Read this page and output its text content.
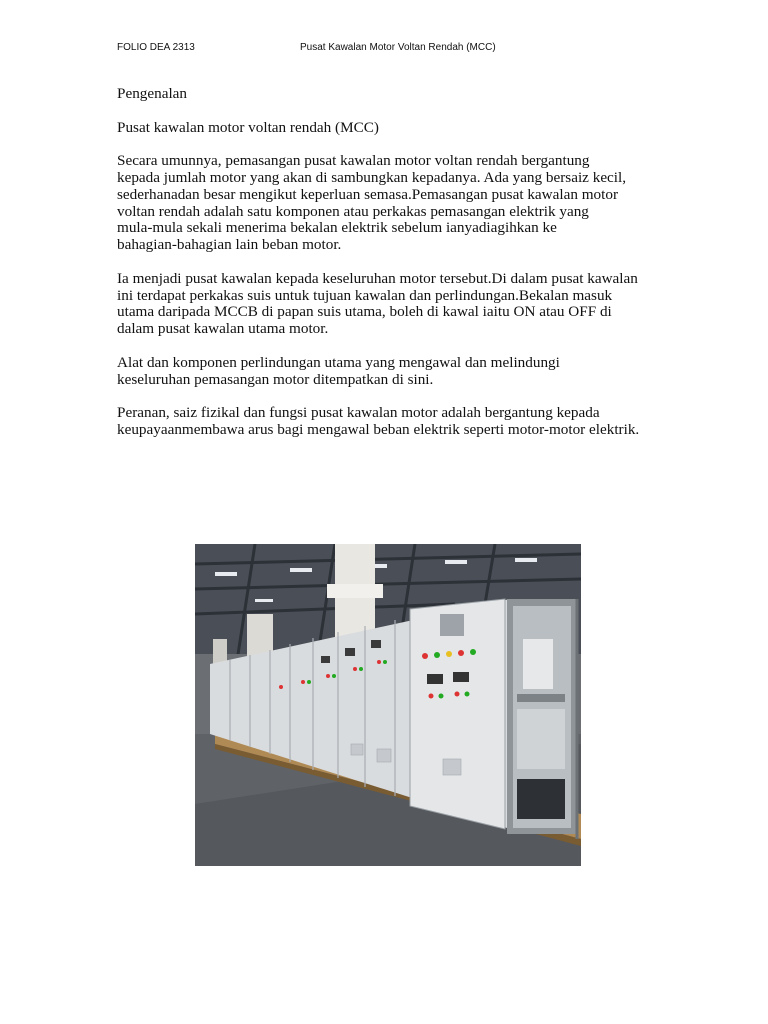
FOLIO DEA 2313	Pusat Kawalan Motor Voltan Rendah (MCC)

Pengenalan

Pusat kawalan motor voltan rendah (MCC)

Secara umunnya, pemasangan pusat kawalan motor voltan rendah bergantung
kepada jumlah motor yang akan di sambungkan kepadanya. Ada yang bersaiz kecil,
sederhanadan besar mengikut keperluan semasa.Pemasangan pusat kawalan motor
voltan rendah adalah satu komponen atau perkakas pemasangan elektrik yang
mula-mula sekali menerima bekalan elektrik sebelum ianyadiagihkan ke
bahagian-bahagian lain beban motor.

Ia menjadi pusat kawalan kepada keseluruhan motor tersebut.Di dalam pusat kawalan
ini terdapat perkakas suis untuk tujuan kawalan dan perlindungan.Bekalan masuk
utama daripada MCCB di papan suis utama, boleh di kawal iaitu ON atau OFF di
dalam pusat kawalan utama motor.

Alat dan komponen perlindungan utama yang mengawal dan melindungi
keseluruhan pemasangan motor ditempatkan di sini.

Peranan, saiz fizikal dan fungsi pusat kawalan motor adalah bergantung kepada
keupayaanmembawa arus bagi mengawal beban elektrik seperti motor-motor elektrik.
